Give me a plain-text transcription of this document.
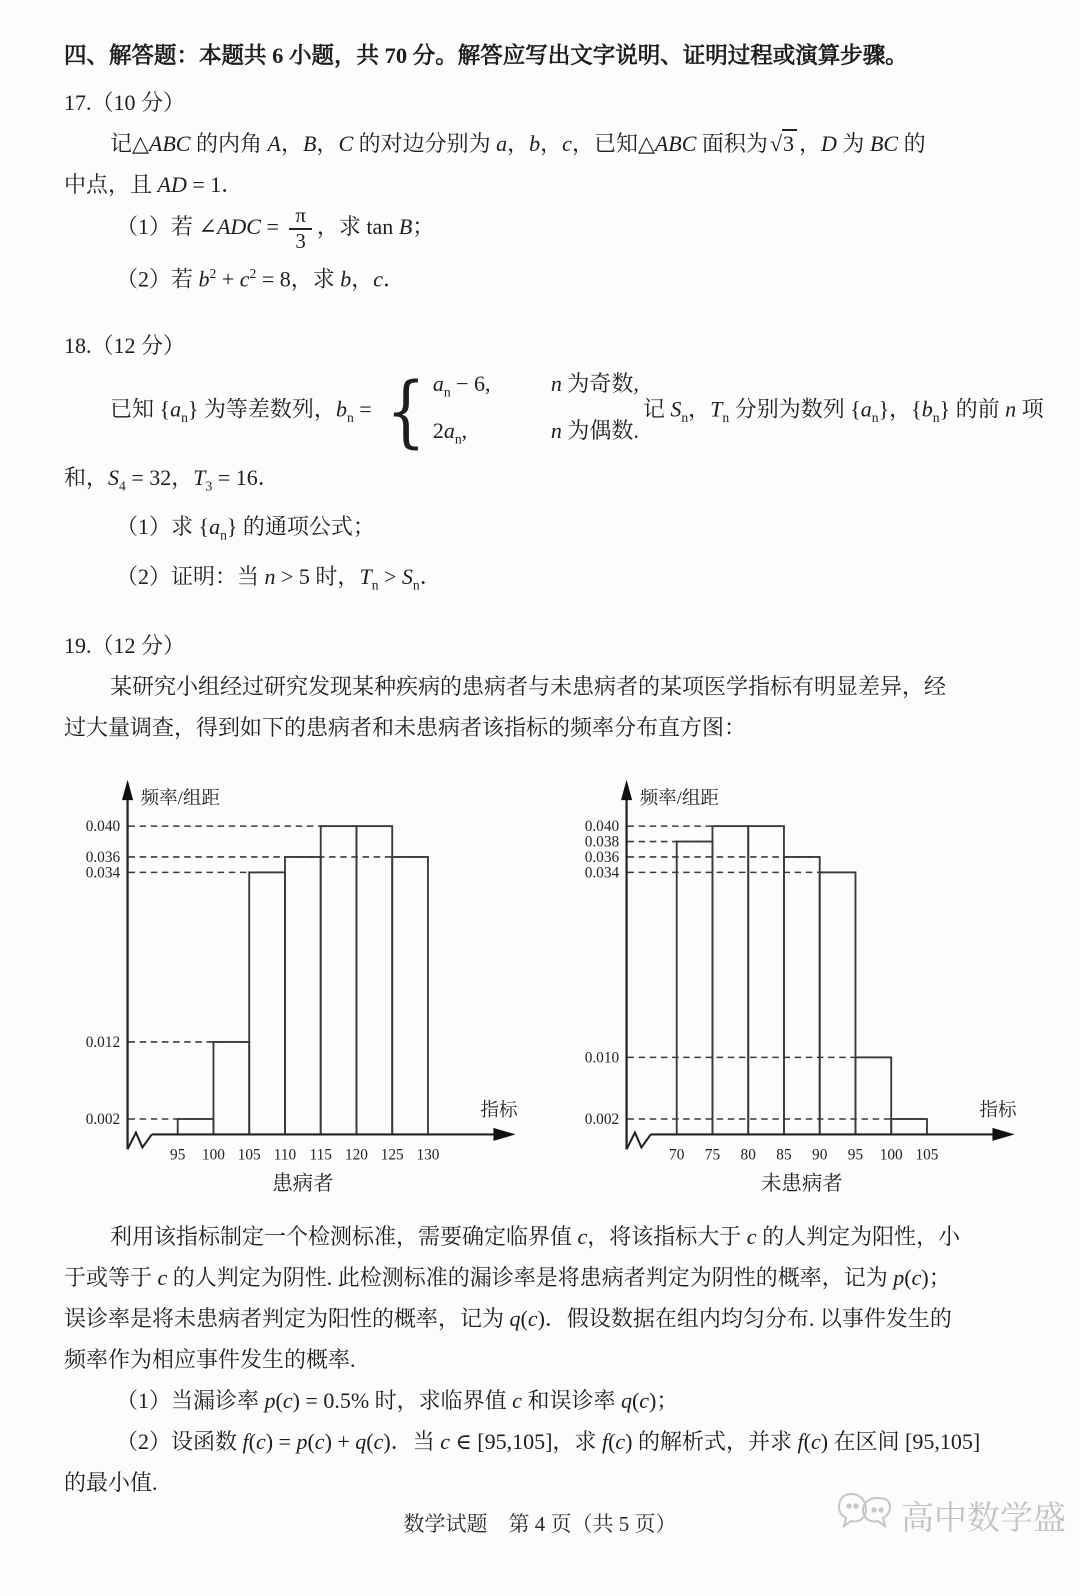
四、解答题：本题共 6 小题，共 70 分。解答应写出文字说明、证明过程或演算步骤。
17.（10 分）
记△ABC 的内角 A，B，C 的对边分别为 a，b，c，已知△ABC 面积为√3 ，D 为 BC 的
中点，且 AD = 1．
（1）若 ∠ADC = $\frac{\pi}{3}$ ，求 tan B；
（2）若 $b^2 + c^2 = 8$，求 b，c．
18.（12 分）
已知 $\{a_n\}$ 为等差数列，$b_n$ = { $a_n - 6$,	n 为奇数,
$2a_n$,	n 为偶数.
记 $S_n$，$T_n$ 分别为数列 $\{a_n\}$，$\{b_n\}$ 的前 n 项
和，$S_4 = 32$，$T_3 = 16$．
（1）求 $\{a_n\}$ 的通项公式；
（2）证明：当 n > 5 时，$T_n > S_n$．
19.（12 分）
某研究小组经过研究发现某种疾病的患病者与未患病者的某项医学指标有明显差异，经
过大量调查，得到如下的患病者和未患病者该指标的频率分布直方图：
0.040
0.036
0.034
0.012
0.002
95 100 105 110 115 120 125 130
频率/组距
指标
患病者
0.040
0.038
0.036
0.034
0.010
0.002
70 75 80 85 90 95 100 105
频率/组距
指标
未患病者
利用该指标制定一个检测标准，需要确定临界值 c，将该指标大于 c 的人判定为阳性，小
于或等于 c 的人判定为阴性. 此检测标准的漏诊率是将患病者判定为阴性的概率，记为 p(c)；
误诊率是将未患病者判定为阳性的概率，记为 q(c)．假设数据在组内均匀分布. 以事件发生的
频率作为相应事件发生的概率.
（1）当漏诊率 p(c) = 0.5% 时，求临界值 c 和误诊率 q(c)；
（2）设函数 f(c) = p(c) + q(c)．当 c ∈ [95,105]，求 f(c) 的解析式，并求 f(c) 在区间 [95,105]
的最小值.
数学试题　第 4 页（共 5 页）	高中数学盛
